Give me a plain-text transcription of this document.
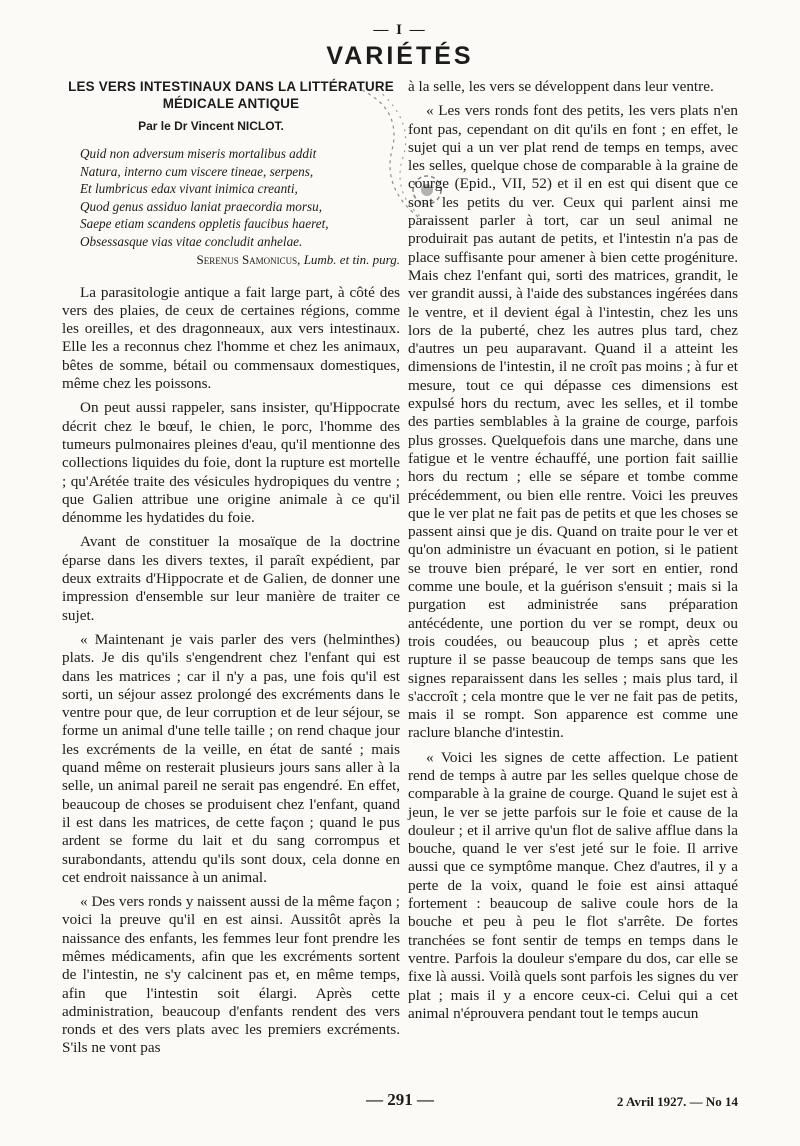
— I —
VARIÉTÉS
LES VERS INTESTINAUX DANS LA LITTÉRATURE
MÉDICALE ANTIQUE
Par le Dr Vincent NICLOT.
Quid non adversum miseris mortalibus addit
Natura, interno cum viscere tineae, serpens,
Et lumbricus edax vivant inimica creanti,
Quod genus assiduo laniat praecordia morsu,
Saepe etiam scandens oppletis faucibus haeret,
Obsessasque vias vitae concludit anhelae.
Serenus Samonicus, Lumb. et tin. purg.

La parasitologie antique a fait large part, à côté des vers des plaies, de ceux de certaines régions, comme les oreilles, et des dragonneaux, aux vers intestinaux. Elle les a reconnus chez l'homme et chez les animaux, bêtes de somme, bétail ou commensaux domestiques, même chez les poissons.

On peut aussi rappeler, sans insister, qu'Hippocrate décrit chez le bœuf, le chien, le porc, l'homme des tumeurs pulmonaires pleines d'eau, qu'il mentionne des collections liquides du foie, dont la rupture est mortelle ; qu'Arétée traite des vésicules hydropiques du ventre ; que Galien attribue une origine animale à ce qu'il dénomme les hydatides du foie.

Avant de constituer la mosaïque de la doctrine éparse dans les divers textes, il paraît expédient, par deux extraits d'Hippocrate et de Galien, de donner une impression d'ensemble sur leur manière de traiter ce sujet.

« Maintenant je vais parler des vers (helminthes) plats. Je dis qu'ils s'engendrent chez l'enfant qui est dans les matrices ; car il n'y a pas, une fois qu'il est sorti, un séjour assez prolongé des excréments dans le ventre pour que, de leur corruption et de leur séjour, se forme un animal d'une telle taille ; on rend chaque jour les excréments de la veille, en état de santé ; mais quand même on resterait plusieurs jours sans aller à la selle, un animal pareil ne serait pas engendré. En effet, beaucoup de choses se produisent chez l'enfant, quand il est dans les matrices, de cette façon ; quand le pus ardent se forme du lait et du sang corrompus et surabondants, attendu qu'ils sont doux, cela donne en cet endroit naissance à un animal.

« Des vers ronds y naissent aussi de la même façon ; voici la preuve qu'il en est ainsi. Aussitôt après la naissance des enfants, les femmes leur font prendre les mêmes médicaments, afin que les excréments sortent de l'intestin, ne s'y calcinent pas et, en même temps, afin que l'intestin soit élargi. Après cette administration, beaucoup d'enfants rendent des vers ronds et des vers plats avec les premiers excréments. S'ils ne vont pas

à la selle, les vers se développent dans leur ventre.

« Les vers ronds font des petits, les vers plats n'en font pas, cependant on dit qu'ils en font ; en effet, le sujet qui a un ver plat rend de temps en temps, avec les selles, quelque chose de comparable à la graine de courge (Epid., VII, 52) et il en est qui disent que ce sont les petits du ver. Ceux qui parlent ainsi me paraissent parler à tort, car un seul animal ne produirait pas autant de petits, et l'intestin n'a pas de place suffisante pour amener à bien cette progéniture. Mais chez l'enfant qui, sorti des matrices, grandit, le ver grandit aussi, à l'aide des substances ingérées dans le ventre, et il devient égal à l'intestin, chez les uns lors de la puberté, chez les autres plus tard, chez d'autres un peu auparavant. Quand il a atteint les dimensions de l'intestin, il ne croît pas moins ; à fur et mesure, tout ce qui dépasse ces dimensions est expulsé hors du rectum, avec les selles, et il tombe des parties semblables à la graine de courge, parfois plus grosses. Quelquefois dans une marche, dans une fatigue et le ventre échauffé, une portion fait saillie hors du rectum ; elle se sépare et tombe comme précédemment, ou bien elle rentre. Voici les preuves que le ver plat ne fait pas de petits et que les choses se passent ainsi que je dis. Quand on traite pour le ver et qu'on administre un évacuant en potion, si le patient se trouve bien préparé, le ver sort en entier, rond comme une boule, et la guérison s'ensuit ; mais si la purgation est administrée sans préparation antécédente, une portion du ver se rompt, deux ou trois coudées, ou beaucoup plus ; et après cette rupture il se passe beaucoup de temps sans que les signes reparaissent dans les selles ; mais plus tard, il s'accroît ; cela montre que le ver ne fait pas de petits, mais il se rompt. Son apparence est comme une raclure blanche d'intestin.

« Voici les signes de cette affection. Le patient rend de temps à autre par les selles quelque chose de comparable à la graine de courge. Quand le sujet est à jeun, le ver se jette parfois sur le foie et cause de la douleur ; et il arrive qu'un flot de salive afflue dans la bouche, quand le ver s'est jeté sur le foie. Il arrive aussi que ce symptôme manque. Chez d'autres, il y a perte de la voix, quand le foie est ainsi attaqué fortement : beaucoup de salive coule hors de la bouche et peu à peu le flot s'arrête. De fortes tranchées se font sentir de temps en temps dans le ventre. Parfois la douleur s'empare du dos, car elle se fixe là aussi. Voilà quels sont parfois les signes du ver plat ; mais il y a encore ceux-ci. Celui qui a cet animal n'éprouvera pendant tout le temps aucun

— 291 —	2 Avril 1927. — No 14
